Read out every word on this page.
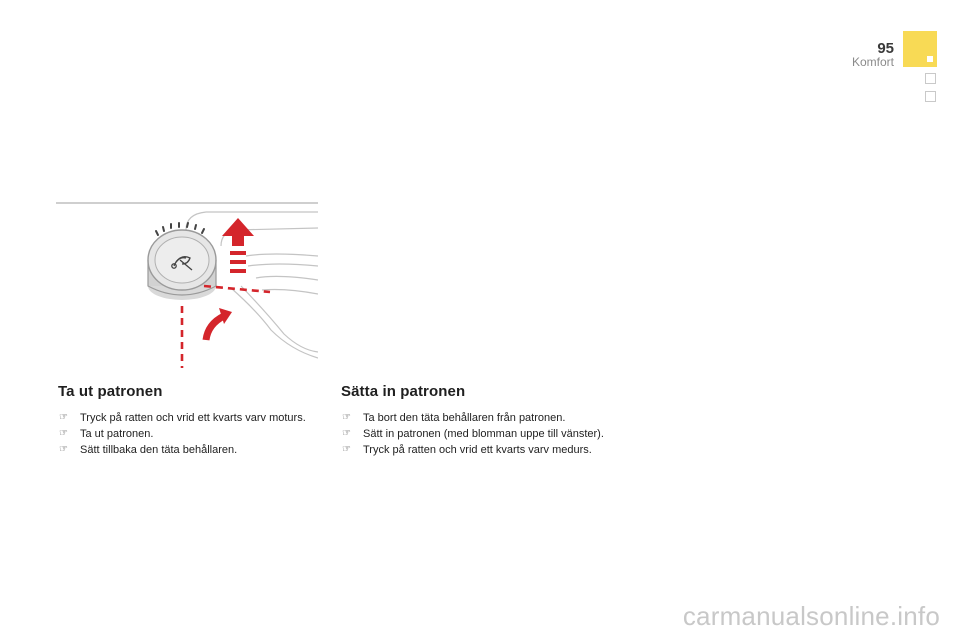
95
Komfort
Ta ut patronen
☞ Tryck på ratten och vrid ett kvarts varv moturs.
☞ Ta ut patronen.
☞ Sätt tillbaka den täta behållaren.
Sätta in patronen
☞ Ta bort den täta behållaren från patronen.
☞ Sätt in patronen (med blomman uppe till vänster).
☞ Tryck på ratten och vrid ett kvarts varv medurs.
carmanualsonline.info
